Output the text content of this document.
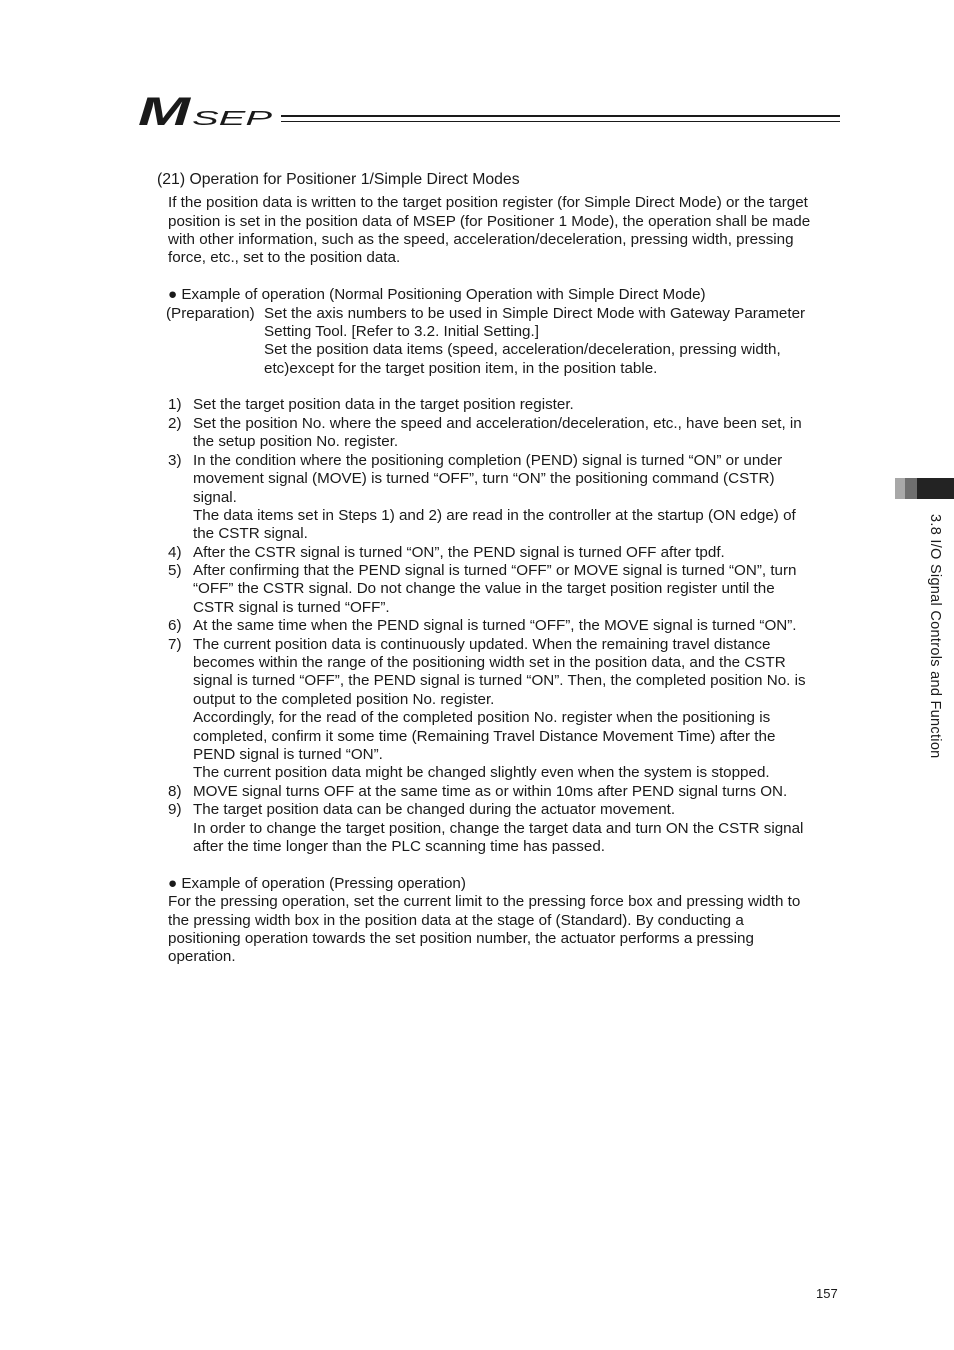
M SEP
(21) Operation for Positioner 1/Simple Direct Modes
If the position data is written to the target position register (for Simple Direct Mode) or the target
position is set in the position data of MSEP (for Positioner 1 Mode), the operation shall be made
with other information, such as the speed, acceleration/deceleration, pressing width, pressing
force, etc., set to the position data.
● Example of operation (Normal Positioning Operation with Simple Direct Mode)
(Preparation) Set the axis numbers to be used in Simple Direct Mode with Gateway Parameter
Setting Tool. [Refer to 3.2. Initial Setting.]
Set the position data items (speed, acceleration/deceleration, pressing width,
etc)except for the target position item, in the position table.
1) Set the target position data in the target position register.
2) Set the position No. where the speed and acceleration/deceleration, etc., have been set, in
the setup position No. register.
3) In the condition where the positioning completion (PEND) signal is turned “ON” or under
movement signal (MOVE) is turned “OFF”, turn “ON” the positioning command (CSTR)
signal.
The data items set in Steps 1) and 2) are read in the controller at the startup (ON edge) of
the CSTR signal.
4) After the CSTR signal is turned “ON”, the PEND signal is turned OFF after tpdf.
5) After confirming that the PEND signal is turned “OFF” or MOVE signal is turned “ON”, turn
“OFF” the CSTR signal. Do not change the value in the target position register until the
CSTR signal is turned “OFF”.
6) At the same time when the PEND signal is turned “OFF”, the MOVE signal is turned “ON”.
7) The current position data is continuously updated. When the remaining travel distance
becomes within the range of the positioning width set in the position data, and the CSTR
signal is turned “OFF”, the PEND signal is turned “ON”. Then, the completed position No. is
output to the completed position No. register.
Accordingly, for the read of the completed position No. register when the positioning is
completed, confirm it some time (Remaining Travel Distance Movement Time) after the
PEND signal is turned “ON”.
The current position data might be changed slightly even when the system is stopped.
8) MOVE signal turns OFF at the same time as or within 10ms after PEND signal turns ON.
9) The target position data can be changed during the actuator movement.
In order to change the target position, change the target data and turn ON the CSTR signal
after the time longer than the PLC scanning time has passed.
● Example of operation (Pressing operation)
For the pressing operation, set the current limit to the pressing force box and pressing width to
the pressing width box in the position data at the stage of (Standard). By conducting a
positioning operation towards the set position number, the actuator performs a pressing
operation.
3.8 I/O Signal Controls and Function
157
